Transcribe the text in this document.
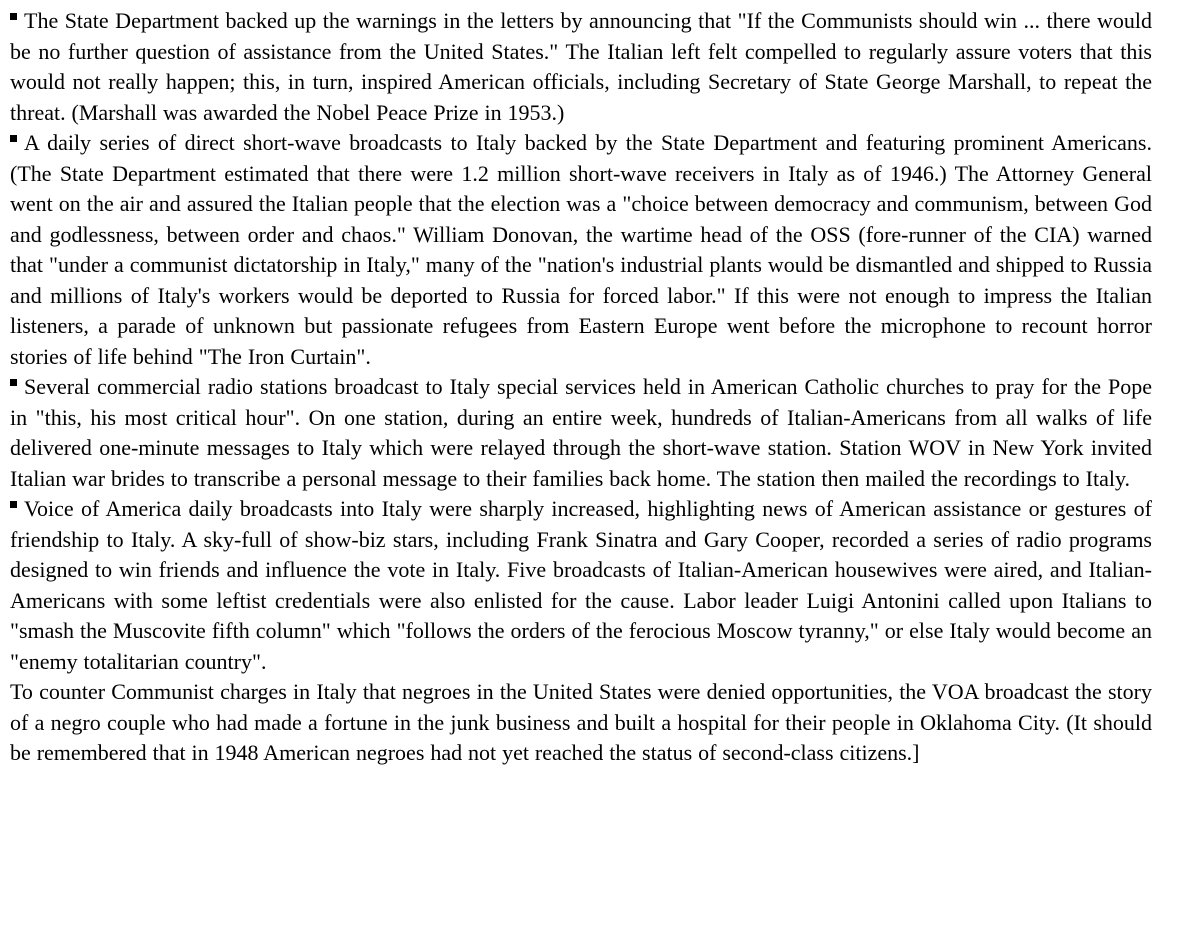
The State Department backed up the warnings in the letters by announcing that "If the Communists should win ... there would be no further question of assistance from the United States." The Italian left felt compelled to regularly assure voters that this would not really happen; this, in turn, inspired American officials, including Secretary of State George Marshall, to repeat the threat. (Marshall was awarded the Nobel Peace Prize in 1953.)

A daily series of direct short-wave broadcasts to Italy backed by the State Department and featuring prominent Americans. (The State Department estimated that there were 1.2 million short-wave receivers in Italy as of 1946.) The Attorney General went on the air and assured the Italian people that the election was a "choice between democracy and communism, between God and godlessness, between order and chaos." William Donovan, the wartime head of the OSS (fore-runner of the CIA) warned that "under a communist dictatorship in Italy," many of the "nation's industrial plants would be dismantled and shipped to Russia and millions of Italy's workers would be deported to Russia for forced labor." If this were not enough to impress the Italian listeners, a parade of unknown but passionate refugees from Eastern Europe went before the microphone to recount horror stories of life behind "The Iron Curtain".

Several commercial radio stations broadcast to Italy special services held in American Catholic churches to pray for the Pope in "this, his most critical hour". On one station, during an entire week, hundreds of Italian-Americans from all walks of life delivered one-minute messages to Italy which were relayed through the short-wave station. Station WOV in New York invited Italian war brides to transcribe a personal message to their families back home. The station then mailed the recordings to Italy.

Voice of America daily broadcasts into Italy were sharply increased, highlighting news of American assistance or gestures of friendship to Italy. A sky-full of show-biz stars, including Frank Sinatra and Gary Cooper, recorded a series of radio programs designed to win friends and influence the vote in Italy. Five broadcasts of Italian-American housewives were aired, and Italian-Americans with some leftist credentials were also enlisted for the cause. Labor leader Luigi Antonini called upon Italians to "smash the Muscovite fifth column" which "follows the orders of the ferocious Moscow tyranny," or else Italy would become an "enemy totalitarian country".

To counter Communist charges in Italy that negroes in the United States were denied opportunities, the VOA broadcast the story of a negro couple who had made a fortune in the junk business and built a hospital for their people in Oklahoma City. (It should be remembered that in 1948 American negroes had not yet reached the status of second-class citizens.]
